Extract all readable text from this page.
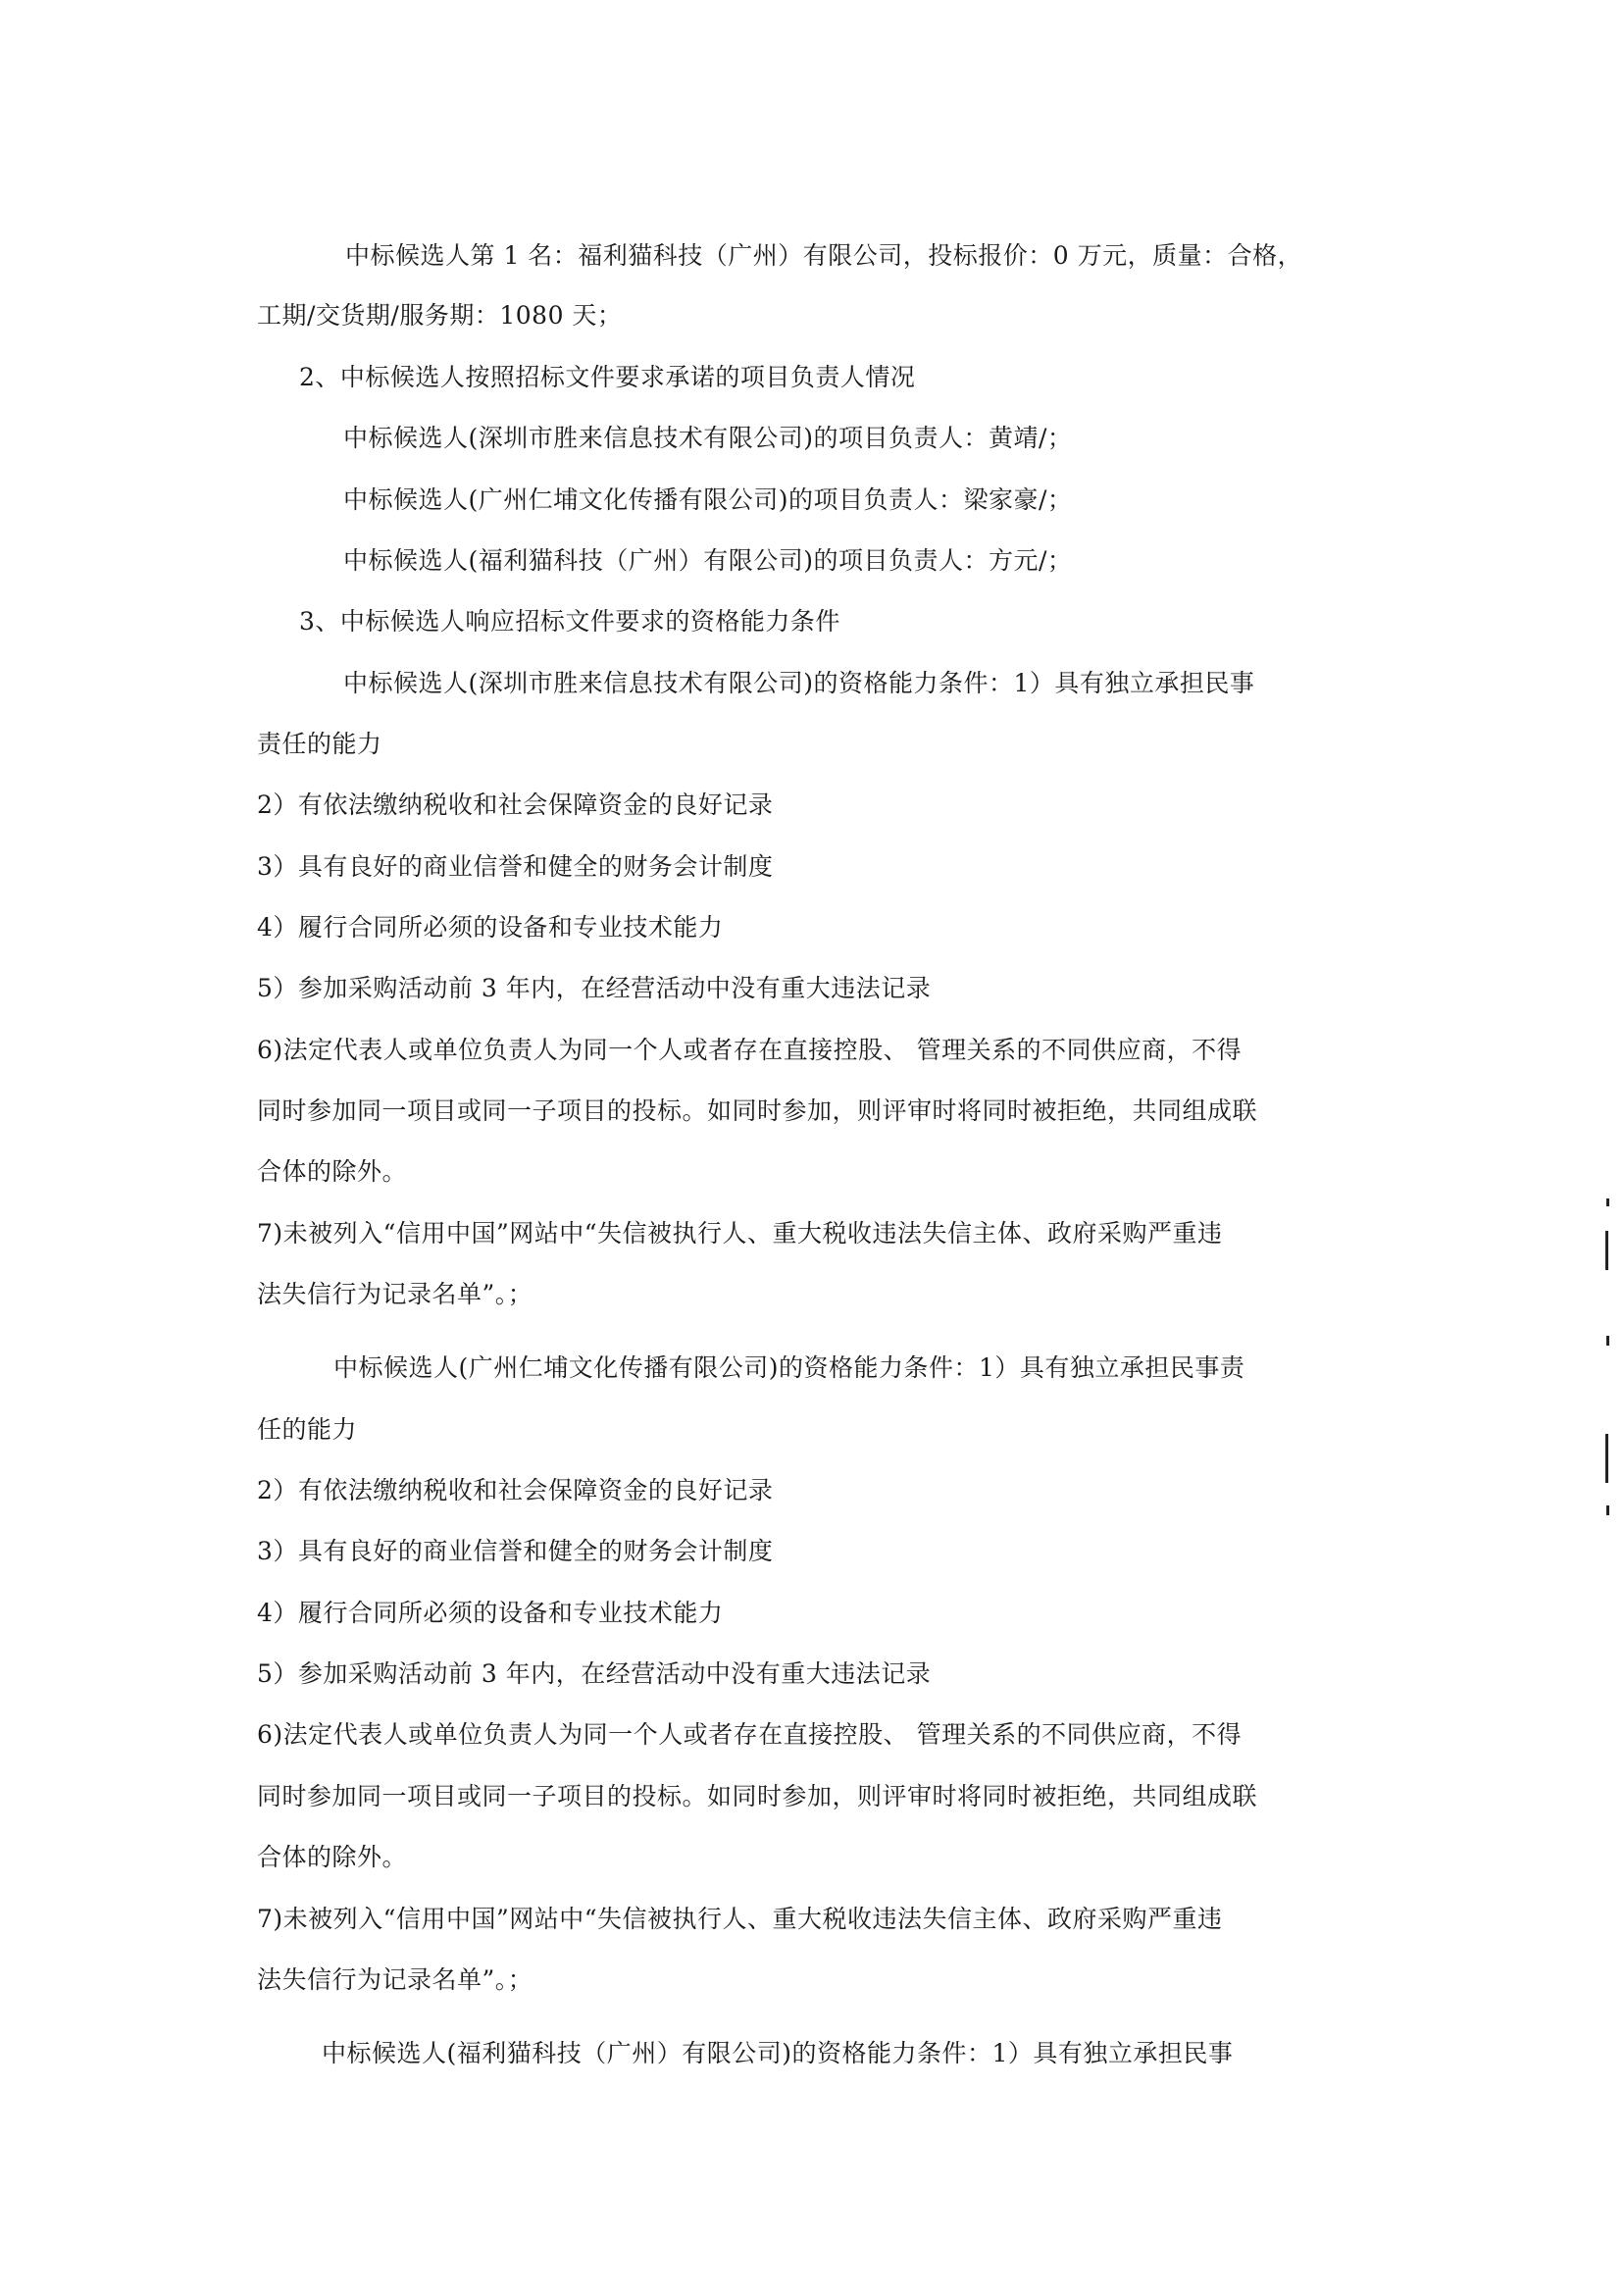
中标候选人第 1 名：福利猫科技（广州）有限公司，投标报价：0 万元，质量：合格，
工期/交货期/服务期：1080 天；
2、中标候选人按照招标文件要求承诺的项目负责人情况
中标候选人(深圳市胜来信息技术有限公司)的项目负责人：黄靖/；
中标候选人(广州仁埔文化传播有限公司)的项目负责人：梁家豪/；
中标候选人(福利猫科技（广州）有限公司)的项目负责人：方元/；
3、中标候选人响应招标文件要求的资格能力条件
中标候选人(深圳市胜来信息技术有限公司)的资格能力条件：1）具有独立承担民事
责任的能力
2）有依法缴纳税收和社会保障资金的良好记录
3）具有良好的商业信誉和健全的财务会计制度
4）履行合同所必须的设备和专业技术能力
5）参加采购活动前 3 年内，在经营活动中没有重大违法记录
6)法定代表人或单位负责人为同一个人或者存在直接控股、 管理关系的不同供应商，不得
同时参加同一项目或同一子项目的投标。如同时参加，则评审时将同时被拒绝，共同组成联
合体的除外。
7)未被列入“信用中国”网站中“失信被执行人、重大税收违法失信主体、政府采购严重违
法失信行为记录名单”。；
中标候选人(广州仁埔文化传播有限公司)的资格能力条件：1）具有独立承担民事责
任的能力
2）有依法缴纳税收和社会保障资金的良好记录
3）具有良好的商业信誉和健全的财务会计制度
4）履行合同所必须的设备和专业技术能力
5）参加采购活动前 3 年内，在经营活动中没有重大违法记录
6)法定代表人或单位负责人为同一个人或者存在直接控股、 管理关系的不同供应商，不得
同时参加同一项目或同一子项目的投标。如同时参加，则评审时将同时被拒绝，共同组成联
合体的除外。
7)未被列入“信用中国”网站中“失信被执行人、重大税收违法失信主体、政府采购严重违
法失信行为记录名单”。；
中标候选人(福利猫科技（广州）有限公司)的资格能力条件：1）具有独立承担民事
